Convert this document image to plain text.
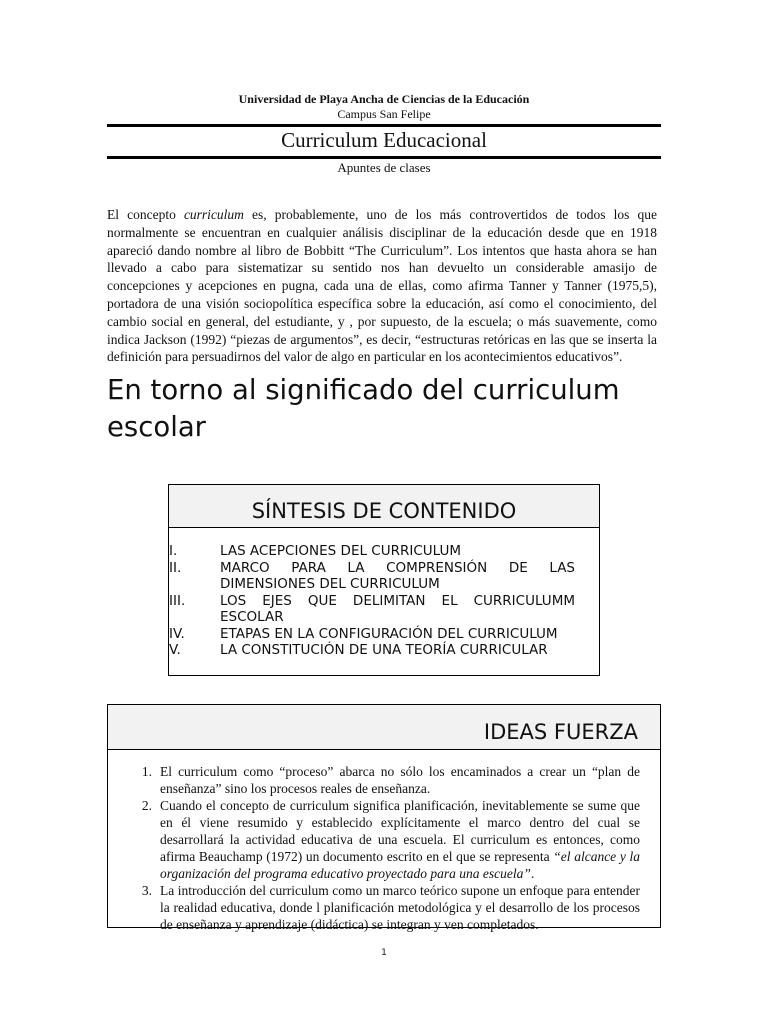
Universidad de Playa Ancha de Ciencias de la Educación
Campus San Felipe
Curriculum Educacional
Apuntes de clases

El concepto curriculum es, probablemente, uno de los más controvertidos de todos los que normalmente se encuentran en cualquier análisis disciplinar de la educación desde que en 1918 apareció dando nombre al libro de Bobbitt “The Curriculum”. Los intentos que hasta ahora se han llevado a cabo para sistematizar su sentido nos han devuelto un considerable amasijo de concepciones y acepciones en pugna, cada una de ellas, como afirma Tanner y Tanner (1975,5), portadora de una visión sociopolítica específica sobre la educación, así como el conocimiento, del cambio social en general, del estudiante, y , por supuesto, de la escuela; o más suavemente, como indica Jackson (1992) “piezas de argumentos”, es decir, “estructuras retóricas en las que se inserta la definición para persuadirnos del valor de algo en particular en los acontecimientos educativos”.

En torno al significado del curriculum escolar
SÍNTESIS DE CONTENIDO
I.	LAS ACEPCIONES DEL CURRICULUM
II.	MARCO PARA LA COMPRENSIÓN DE LAS DIMENSIONES DEL CURRICULUM
III.	LOS EJES QUE DELIMITAN EL CURRICULUMM ESCOLAR
IV.	ETAPAS EN LA CONFIGURACIÓN DEL CURRICULUM
V.	LA CONSTITUCIÓN DE UNA TEORÍA CURRICULAR
IDEAS FUERZA
1. El curriculum como “proceso” abarca no sólo los encaminados a crear un “plan de enseñanza” sino los procesos reales de enseñanza.
2. Cuando el concepto de curriculum significa planificación, inevitablemente se sume que en él viene resumido y establecido explícitamente el marco dentro del cual se desarrollará la actividad educativa de una escuela. El curriculum es entonces, como afirma Beauchamp (1972) un documento escrito en el que se representa “el alcance y la organización del programa educativo proyectado para una escuela”.
3. La introducción del curriculum como un marco teórico supone un enfoque para entender la realidad educativa, donde l planificación metodológica y el desarrollo de los procesos de enseñanza y aprendizaje (didáctica) se integran y ven completados.
1
